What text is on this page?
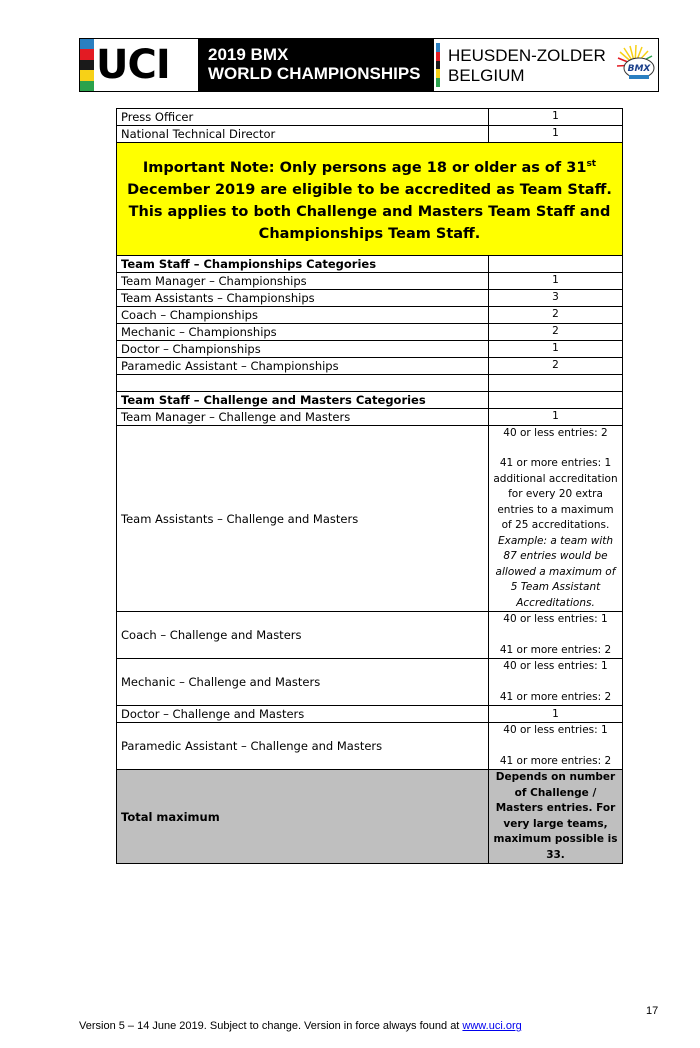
UCI 2019 BMX
WORLD CHAMPIONSHIPS
HEUSDEN-ZOLDER
BELGIUM	BMX
Press Officer	1
National Technical Director	1
Important Note: Only persons age 18 or older as of 31st December 2019 are eligible to be accredited as Team Staff. This applies to both Challenge and Masters Team Staff and Championships Team Staff.	
Team Staff – Championships Categories	
Team Manager – Championships	1
Team Assistants – Championships	3
Coach – Championships	2
Mechanic – Championships	2
Doctor – Championships	1
Paramedic Assistant – Championships	2

Team Staff – Challenge and Masters Categories	
Team Manager – Challenge and Masters	1
Team Assistants – Challenge and Masters	40 or less entries: 2
41 or more entries: 1 additional accreditation for every 20 extra entries to a maximum of 25 accreditations.
Example: a team with 87 entries would be allowed a maximum of 5 Team Assistant Accreditations.

Coach – Challenge and Masters	40 or less entries: 1
41 or more entries: 2

Mechanic – Challenge and Masters	40 or less entries: 1
41 or more entries: 2

Doctor – Challenge and Masters	1
Paramedic Assistant – Challenge and Masters	40 or less entries: 1
41 or more entries: 2

Total maximum	Depends on number of Challenge / Masters entries. For very large teams, maximum possible is 33.
17
Version 5 – 14 June 2019. Subject to change. Version in force always found at www.uci.org
